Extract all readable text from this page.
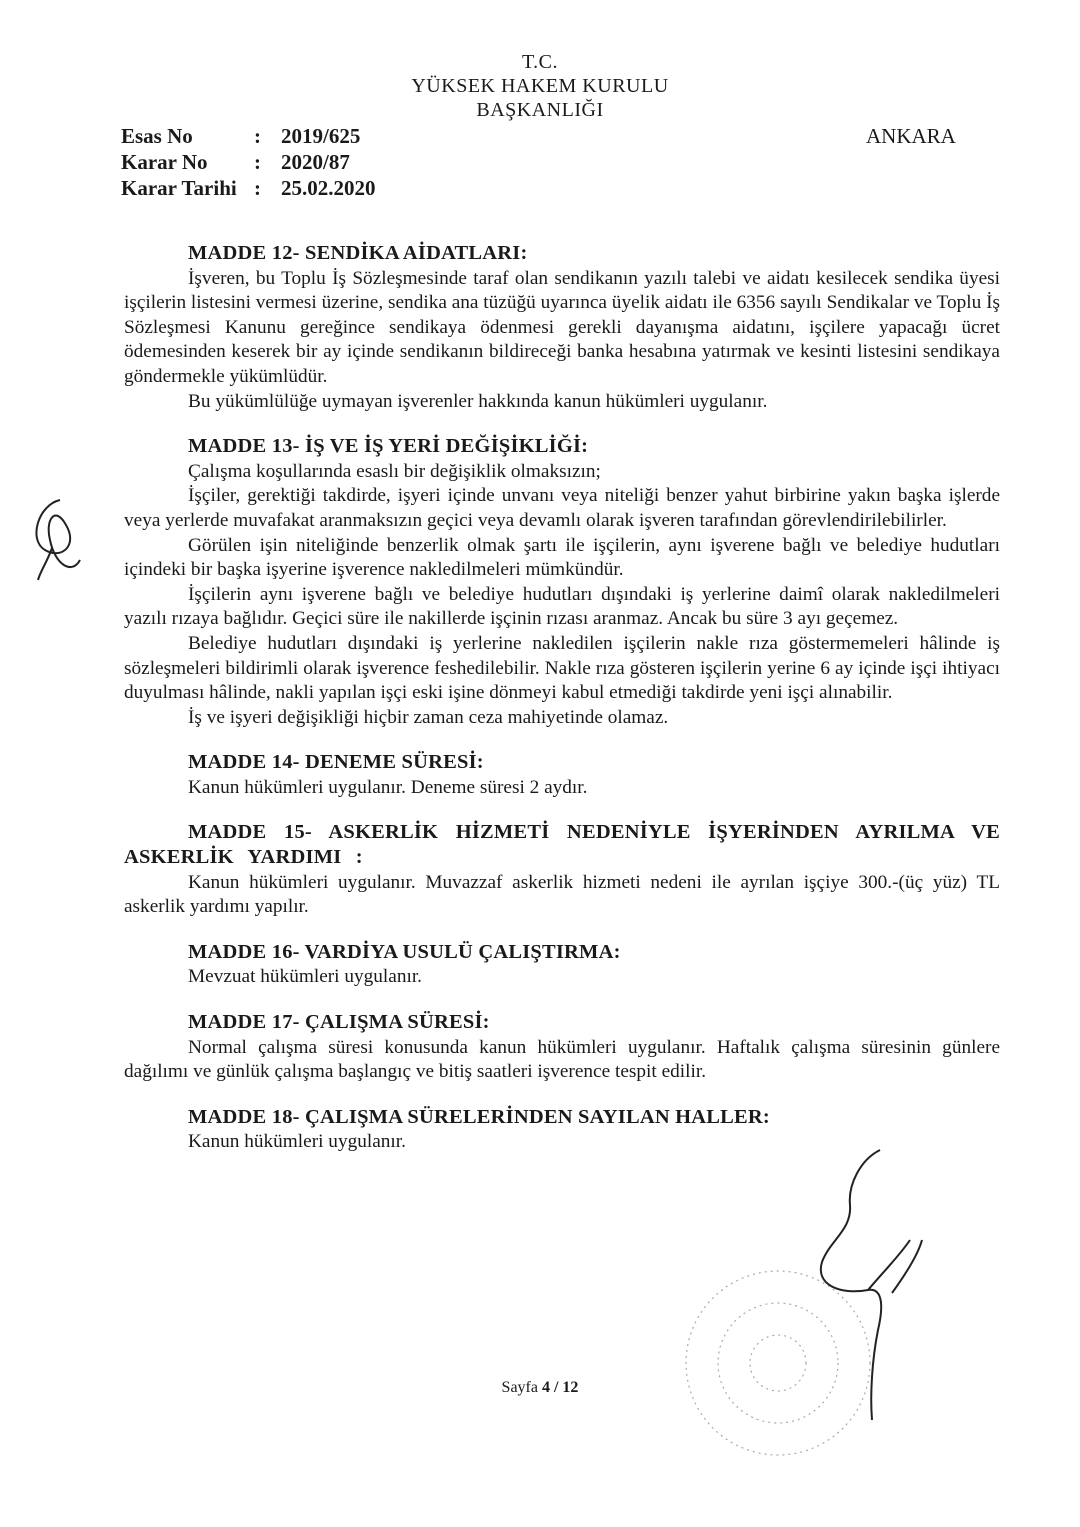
T.C.
YÜKSEK HAKEM KURULU
BAŞKANLIĞI
Esas No	: 2019/625
Karar No	: 2020/87
Karar Tarihi : 25.02.2020
ANKARA
MADDE 12- SENDİKA AİDATLARI:

İşveren, bu Toplu İş Sözleşmesinde taraf olan sendikanın yazılı talebi ve aidatı kesilecek sendika üyesi işçilerin listesini vermesi üzerine, sendika ana tüzüğü uyarınca üyelik aidatı ile 6356 sayılı Sendikalar ve Toplu İş Sözleşmesi Kanunu gereğince sendikaya ödenmesi gerekli dayanışma aidatını, işçilere yapacağı ücret ödemesinden keserek bir ay içinde sendikanın bildireceği banka hesabına yatırmak ve kesinti listesini sendikaya göndermekle yükümlüdür.

Bu yükümlülüğe uymayan işverenler hakkında kanun hükümleri uygulanır.

MADDE 13- İŞ VE İŞ YERİ DEĞİŞİKLİĞİ:

Çalışma koşullarında esaslı bir değişiklik olmaksızın;

İşçiler, gerektiği takdirde, işyeri içinde unvanı veya niteliği benzer yahut birbirine yakın başka işlerde veya yerlerde muvafakat aranmaksızın geçici veya devamlı olarak işveren tarafından görevlendirilebilirler.

Görülen işin niteliğinde benzerlik olmak şartı ile işçilerin, aynı işverene bağlı ve belediye hudutları içindeki bir başka işyerine işverence nakledilmeleri mümkündür.

İşçilerin aynı işverene bağlı ve belediye hudutları dışındaki iş yerlerine daimî olarak nakledilmeleri yazılı rızaya bağlıdır. Geçici süre ile nakillerde işçinin rızası aranmaz. Ancak bu süre 3 ayı geçemez.

Belediye hudutları dışındaki iş yerlerine nakledilen işçilerin nakle rıza göstermemeleri hâlinde iş sözleşmeleri bildirimli olarak işverence feshedilebilir. Nakle rıza gösteren işçilerin yerine 6 ay içinde işçi ihtiyacı duyulması hâlinde, nakli yapılan işçi eski işine dönmeyi kabul etmediği takdirde yeni işçi alınabilir.

İş ve işyeri değişikliği hiçbir zaman ceza mahiyetinde olamaz.

MADDE 14- DENEME SÜRESİ:

Kanun hükümleri uygulanır. Deneme süresi 2 aydır.

MADDE 15- ASKERLİK HİZMETİ NEDENİYLE İŞYERİNDEN AYRILMA VE ASKERLİK YARDIMI :

Kanun hükümleri uygulanır. Muvazzaf askerlik hizmeti nedeni ile ayrılan işçiye 300.-(üç yüz) TL askerlik yardımı yapılır.

MADDE 16- VARDİYA USULÜ ÇALIŞTIRMA:

Mevzuat hükümleri uygulanır.

MADDE 17- ÇALIŞMA SÜRESİ:

Normal çalışma süresi konusunda kanun hükümleri uygulanır. Haftalık çalışma süresinin günlere dağılımı ve günlük çalışma başlangıç ve bitiş saatleri işverence tespit edilir.

MADDE 18- ÇALIŞMA SÜRELERİNDEN SAYILAN HALLER:

Kanun hükümleri uygulanır.

Sayfa 4 / 12
